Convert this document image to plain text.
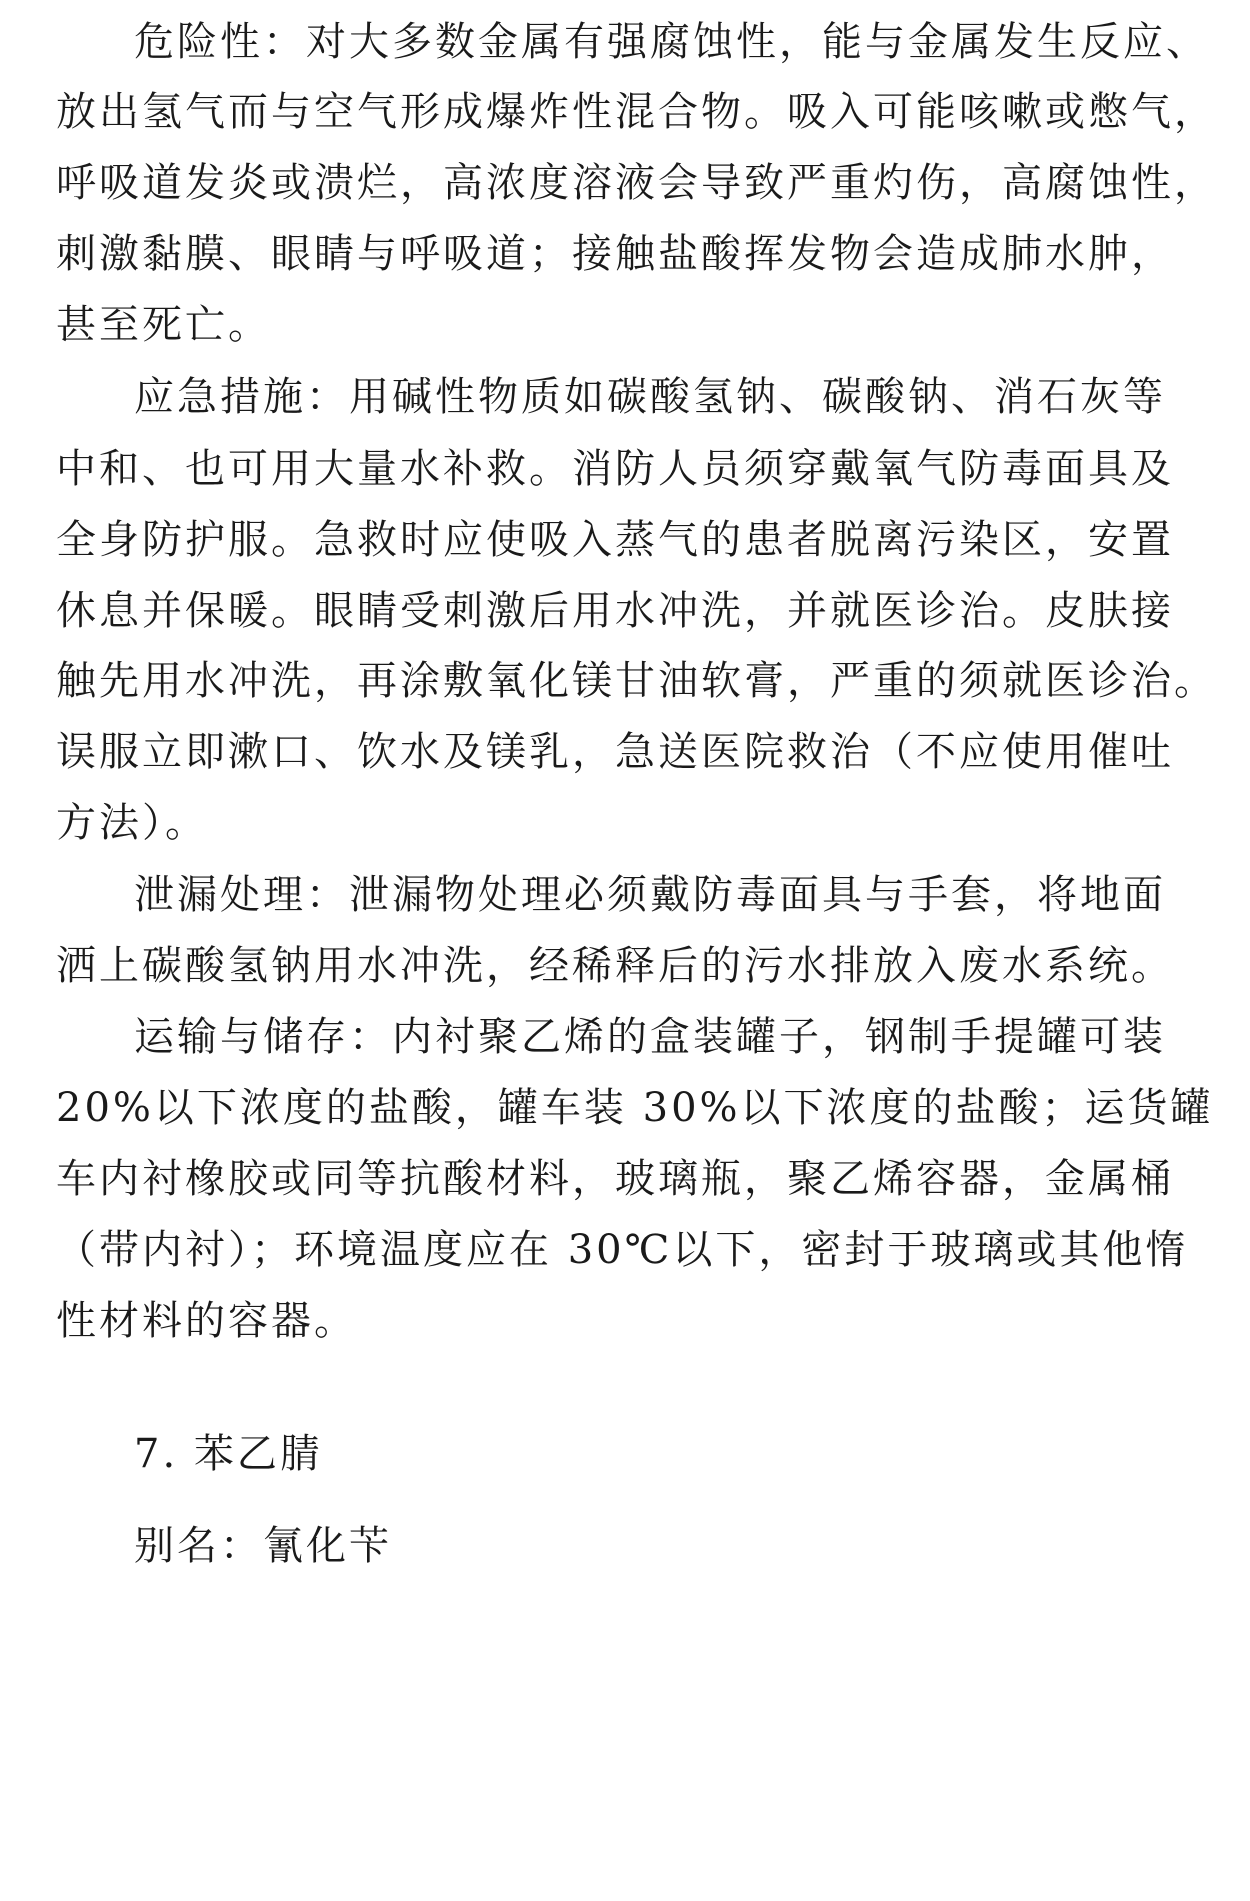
危险性：对大多数金属有强腐蚀性，能与金属发生反应、
放出氢气而与空气形成爆炸性混合物。吸入可能咳嗽或憋气，
呼吸道发炎或溃烂，高浓度溶液会导致严重灼伤，高腐蚀性，
刺激黏膜、眼睛与呼吸道；接触盐酸挥发物会造成肺水肿，
甚至死亡。
应急措施：用碱性物质如碳酸氢钠、碳酸钠、消石灰等
中和、也可用大量水补救。消防人员须穿戴氧气防毒面具及
全身防护服。急救时应使吸入蒸气的患者脱离污染区，安置
休息并保暖。眼睛受刺激后用水冲洗，并就医诊治。皮肤接
触先用水冲洗，再涂敷氧化镁甘油软膏，严重的须就医诊治。
误服立即漱口、饮水及镁乳，急送医院救治（不应使用催吐
方法）。
泄漏处理：泄漏物处理必须戴防毒面具与手套，将地面
洒上碳酸氢钠用水冲洗，经稀释后的污水排放入废水系统。
运输与储存：内衬聚乙烯的盒装罐子，钢制手提罐可装
20%以下浓度的盐酸，罐车装 30%以下浓度的盐酸；运货罐
车内衬橡胶或同等抗酸材料，玻璃瓶，聚乙烯容器，金属桶
（带内衬）；环境温度应在 30℃以下，密封于玻璃或其他惰
性材料的容器。
7. 苯乙腈
别名：氰化苄
